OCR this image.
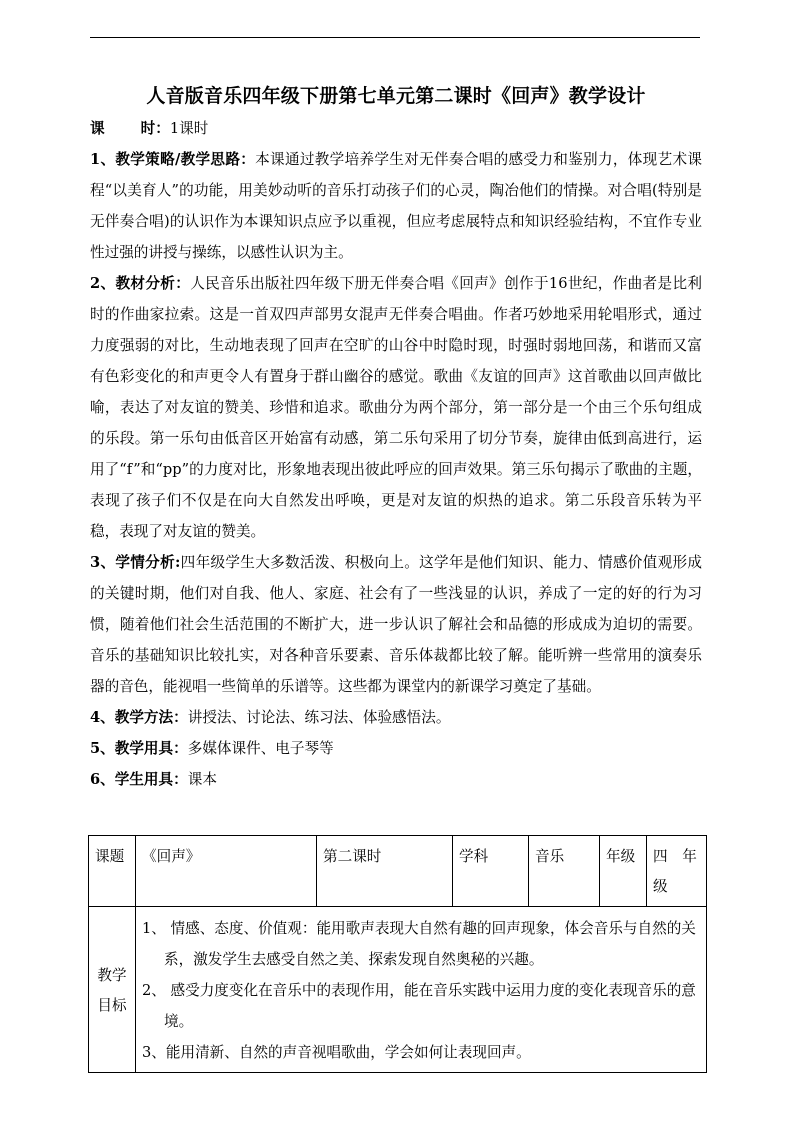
人音版音乐四年级下册第七单元第二课时《回声》教学设计

课 时：1课时

1、教学策略/教学思路：本课通过教学培养学生对无伴奏合唱的感受力和鉴别力，体现艺术课程“以美育人”的功能，用美妙动听的音乐打动孩子们的心灵，陶冶他们的情操。对合唱(特别是无伴奏合唱)的认识作为本课知识点应予以重视，但应考虑展特点和知识经验结构，不宜作专业性过强的讲授与操练，以感性认识为主。

2、教材分析：人民音乐出版社四年级下册无伴奏合唱《回声》创作于16世纪，作曲者是比利时的作曲家拉索。这是一首双四声部男女混声无伴奏合唱曲。作者巧妙地采用轮唱形式，通过力度强弱的对比，生动地表现了回声在空旷的山谷中时隐时现，时强时弱地回荡，和谐而又富有色彩变化的和声更令人有置身于群山幽谷的感觉。歌曲《友谊的回声》这首歌曲以回声做比喻，表达了对友谊的赞美、珍惜和追求。歌曲分为两个部分，第一部分是一个由三个乐句组成的乐段。第一乐句由低音区开始富有动感，第二乐句采用了切分节奏，旋律由低到高进行，运用了“f”和“pp”的力度对比，形象地表现出彼此呼应的回声效果。第三乐句揭示了歌曲的主题，表现了孩子们不仅是在向大自然发出呼唤，更是对友谊的炽热的追求。第二乐段音乐转为平稳，表现了对友谊的赞美。

3、学情分析:四年级学生大多数活泼、积极向上。这学年是他们知识、能力、情感价值观形成的关键时期，他们对自我、他人、家庭、社会有了一些浅显的认识，养成了一定的好的行为习惯，随着他们社会生活范围的不断扩大，进一步认识了解社会和品德的形成成为迫切的需要。音乐的基础知识比较扎实，对各种音乐要素、音乐体裁都比较了解。能听辨一些常用的演奏乐器的音色，能视唱一些简单的乐谱等。这些都为课堂内的新课学习奠定了基础。

4、教学方法：讲授法、讨论法、练习法、体验感悟法。

5、教学用具：多媒体课件、电子琴等

6、学生用具：课本

课题	《回声》	第二课时	学科	音乐	年级	四　年级
教学目标	1、 情感、态度、价值观：能用歌声表现大自然有趣的回声现象，体会音乐与自然的关系，激发学生去感受自然之美、探索发现自然奥秘的兴趣。

2、 感受力度变化在音乐中的表现作用，能在音乐实践中运用力度的变化表现音乐的意境。

3、能用清新、自然的声音视唱歌曲，学会如何让表现回声。					
